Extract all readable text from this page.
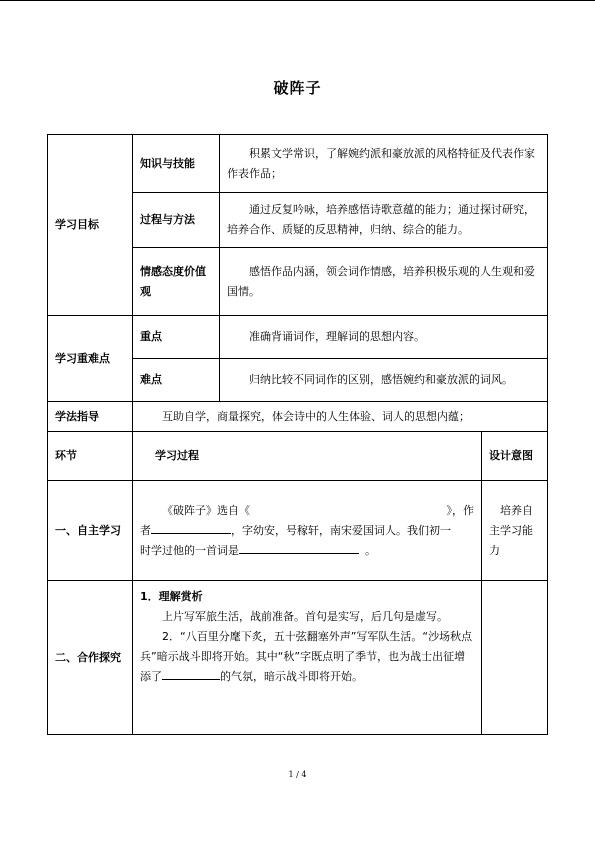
破阵子
学习目标	知识与技能	积累文学常识，了解婉约派和豪放派的风格特征及代表作家作表作品；	
	过程与方法	通过反复吟咏，培养感悟诗歌意蕴的能力；通过探讨研究，培养合作、质疑的反思精神，归纳、综合的能力。	
	情感态度价值观	感悟作品内涵，领会词作情感，培养积极乐观的人生观和爱国情。	
学习重难点	重点	准确背诵词作，理解词的思想内容。	
	难点	归纳比较不同词作的区别，感悟婉约和豪放派的词风。	
学法指导	互助自学，商量探究，体会诗中的人生体验、词人的思想内蕴；		
环节	学习过程		设计意图
一、自主学习	《破阵子》选自《 》，作
者 ，字幼安，号稼轩，南宋爱国词人。我们初一
时学过他的一首词是 。		培养自主学习能力

二、合作探究	1．理解赏析
上片写军旅生活，战前准备。首句是实写，后几句是虚写。
2．“八百里分麾下炙，五十弦翻塞外声”写军队生活。“沙场秋点兵”暗示战斗即将开始。其中“秋”字既点明了季节，也为战士出征增添了 的气氛，暗示战斗即将开始。		

1 / 4
